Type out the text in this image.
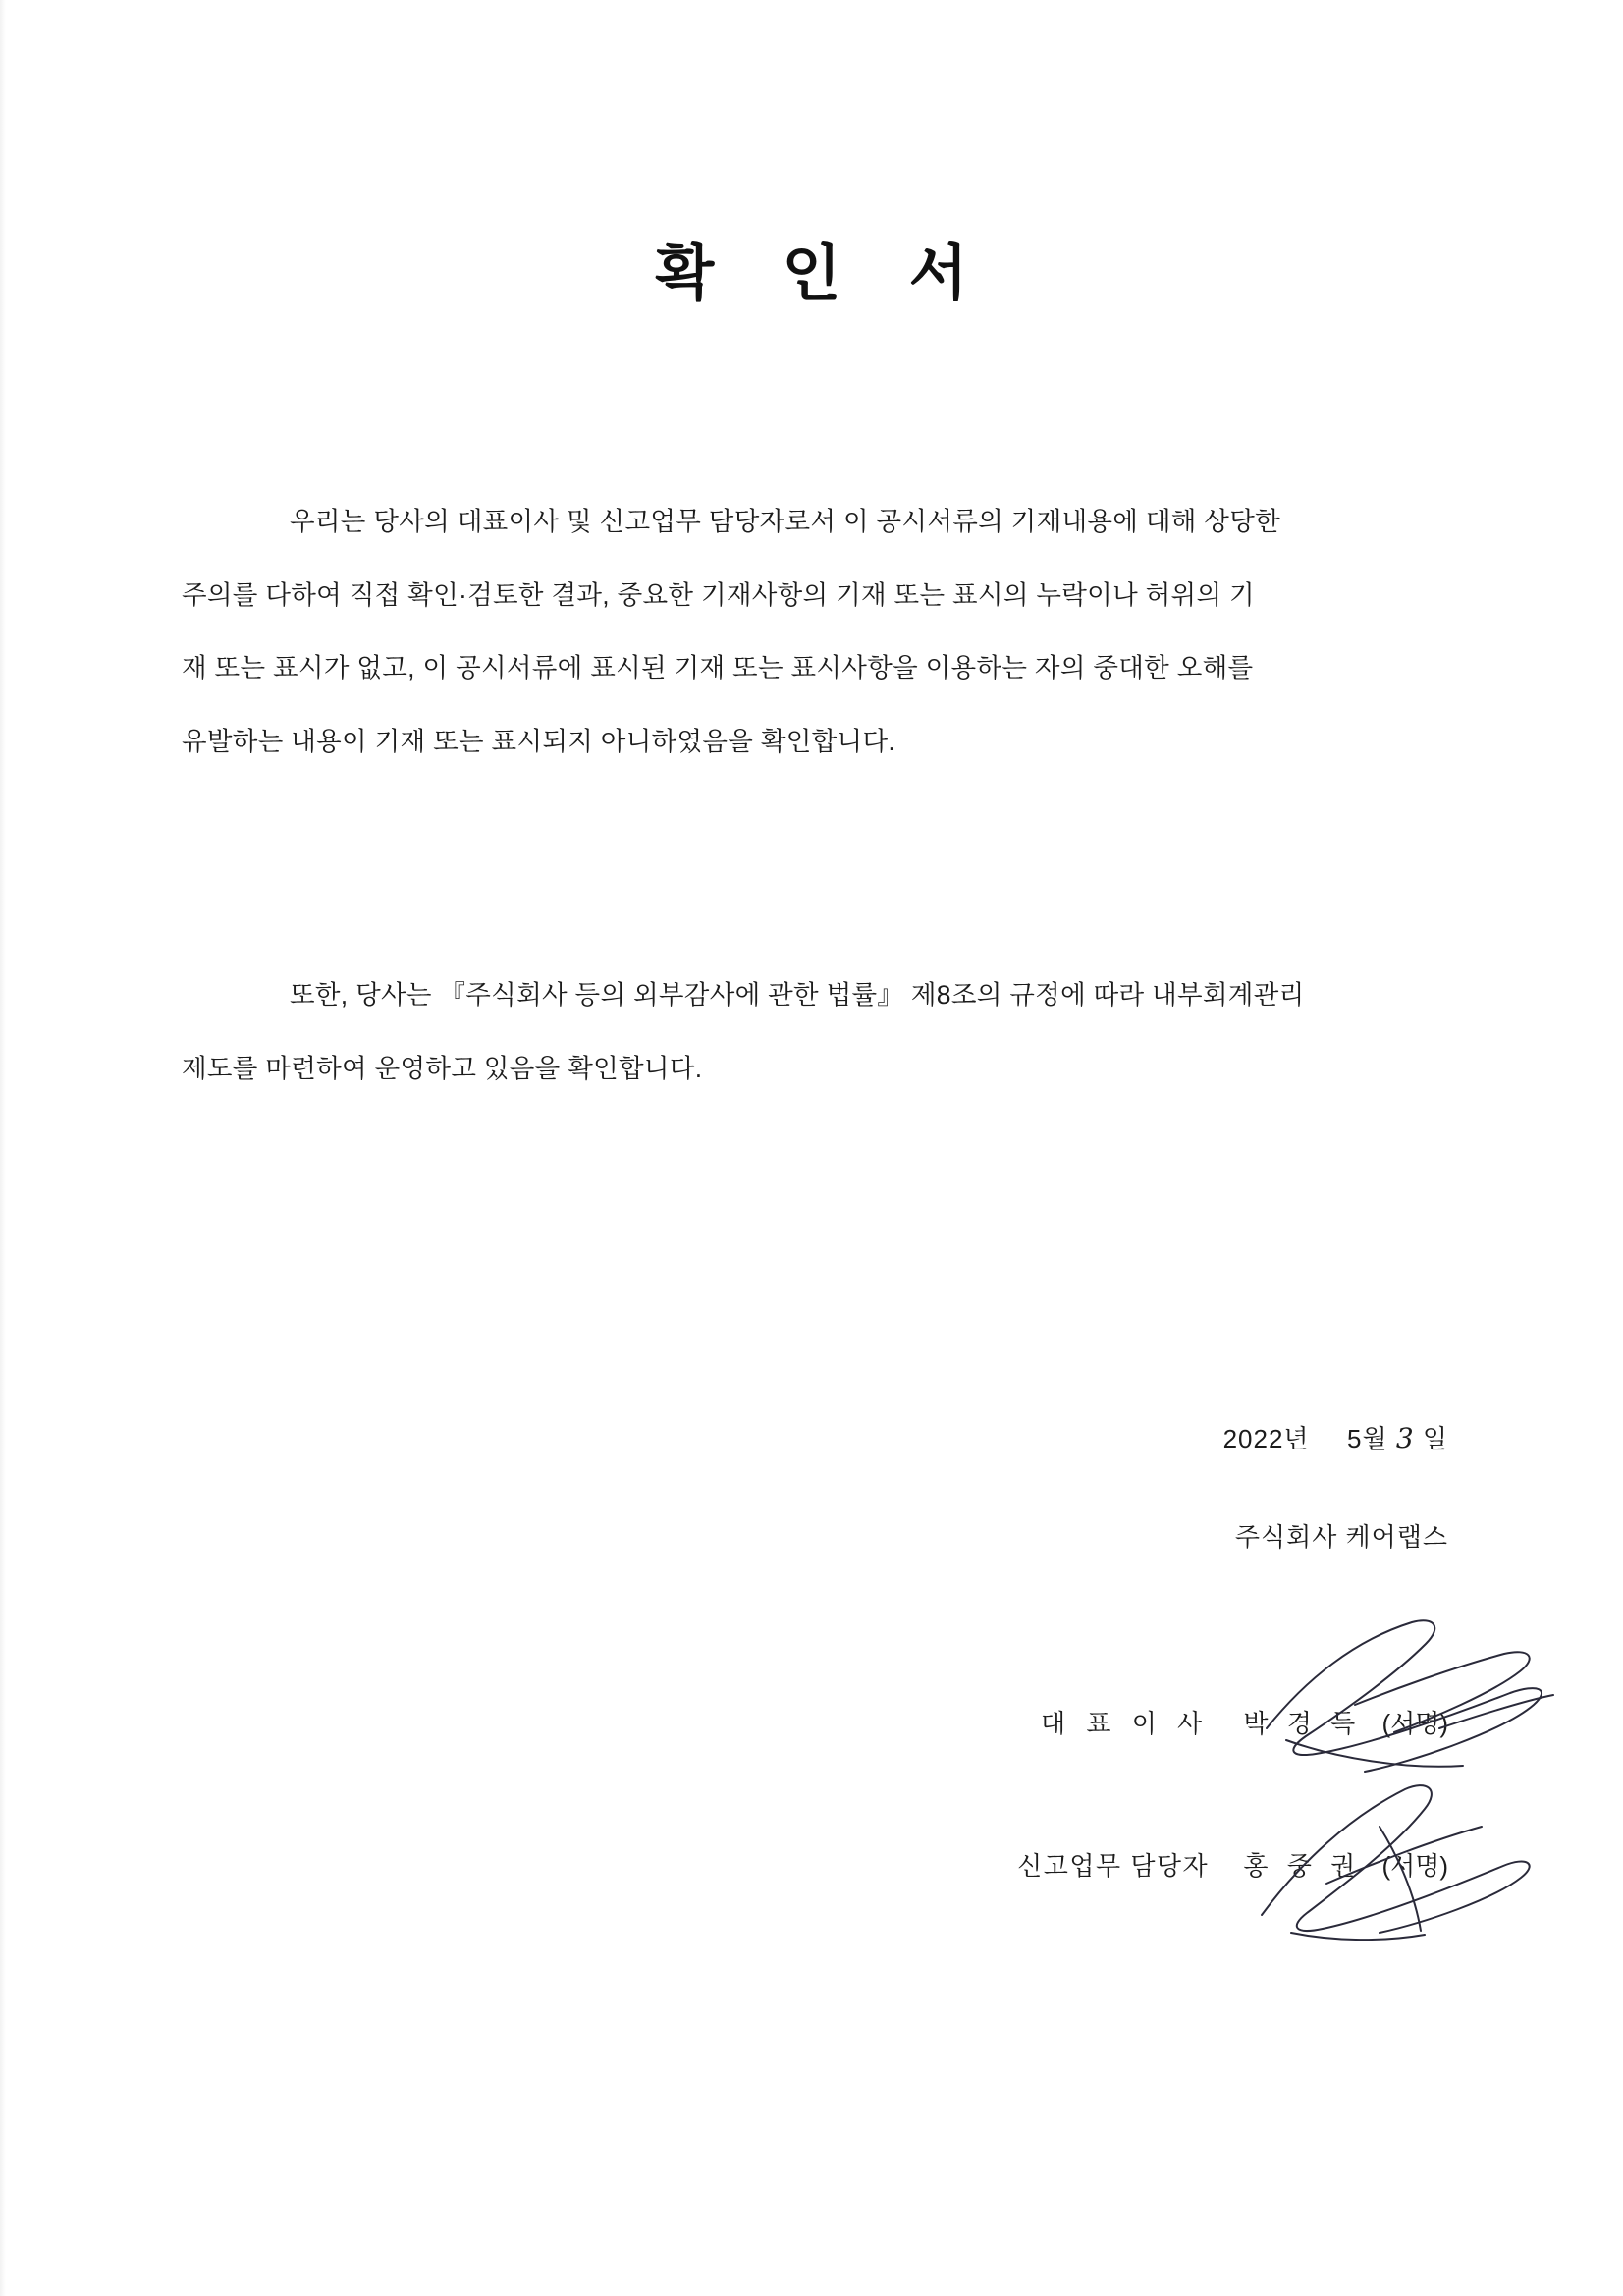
확 인 서
우리는 당사의 대표이사 및 신고업무 담당자로서 이 공시서류의 기재내용에 대해 상당한
주의를 다하여 직접 확인·검토한 결과, 중요한 기재사항의 기재 또는 표시의 누락이나 허위의 기
재 또는 표시가 없고, 이 공시서류에 표시된 기재 또는 표시사항을 이용하는 자의 중대한 오해를
유발하는 내용이 기재 또는 표시되지 아니하였음을 확인합니다.
또한, 당사는 『주식회사 등의 외부감사에 관한 법률』 제8조의 규정에 따라 내부회계관리
제도를 마련하여 운영하고 있음을 확인합니다.
2022년 5월 3 일
주식회사 케어랩스
대 표 이 사 박 경 득 (서명)
신고업무 담당자 홍 중 권 (서명)
